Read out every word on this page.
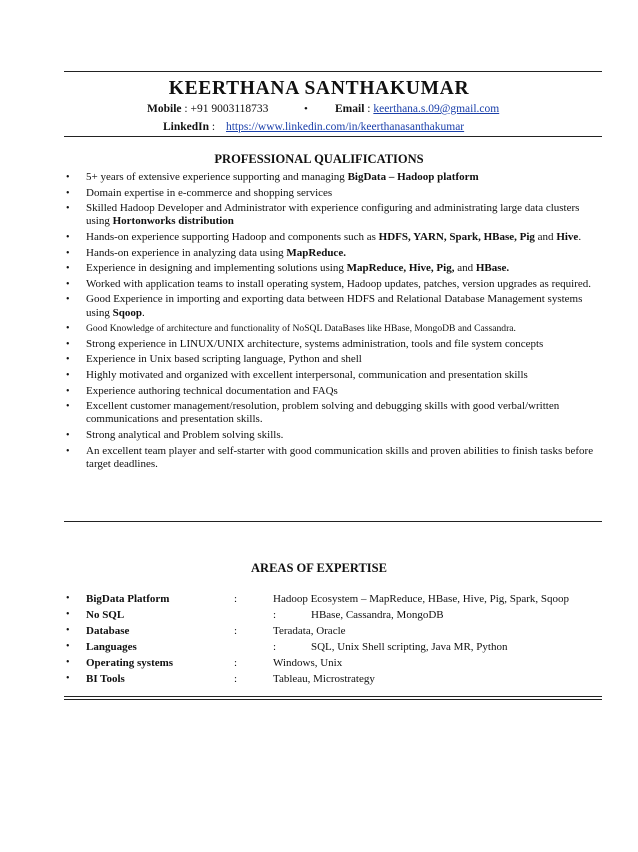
KEERTHANA SANTHAKUMAR
Mobile : +91 9003118733	• Email : keerthana.s.09@gmail.com
LinkedIn : https://www.linkedin.com/in/keerthanasanthakumar
PROFESSIONAL QUALIFICATIONS
• 5+ years of extensive experience supporting and managing BigData – Hadoop platform
• Domain expertise in e-commerce and shopping services
• Skilled Hadoop Developer and Administrator with experience configuring and administrating large data clusters using Hortonworks distribution
• Hands-on experience supporting Hadoop and components such as HDFS, YARN, Spark, HBase, Pig and Hive.
• Hands-on experience in analyzing data using MapReduce.
• Experience in designing and implementing solutions using MapReduce, Hive, Pig, and HBase.
• Worked with application teams to install operating system, Hadoop updates, patches, version upgrades as required.
• Good Experience in importing and exporting data between HDFS and Relational Database Management systems using Sqoop.
• Good Knowledge of architecture and functionality of NoSQL DataBases like HBase, MongoDB and Cassandra.
• Strong experience in LINUX/UNIX architecture, systems administration, tools and file system concepts
• Experience in Unix based scripting language, Python and shell
• Highly motivated and organized with excellent interpersonal, communication and presentation skills
• Experience authoring technical documentation and FAQs
• Excellent customer management/resolution, problem solving and debugging skills with good verbal/written communications and presentation skills.
• Strong analytical and Problem solving skills.
• An excellent team player and self-starter with good communication skills and proven abilities to finish tasks before target deadlines.
AREAS OF EXPERTISE
• BigData Platform	:	Hadoop Ecosystem – MapReduce, HBase, Hive, Pig, Spark, Sqoop
• No SQL	:	HBase, Cassandra, MongoDB
• Database	:	Teradata, Oracle
• Languages	:	SQL, Unix Shell scripting, Java MR, Python
• Operating systems	:	Windows, Unix
• BI Tools	:	Tableau, Microstrategy
